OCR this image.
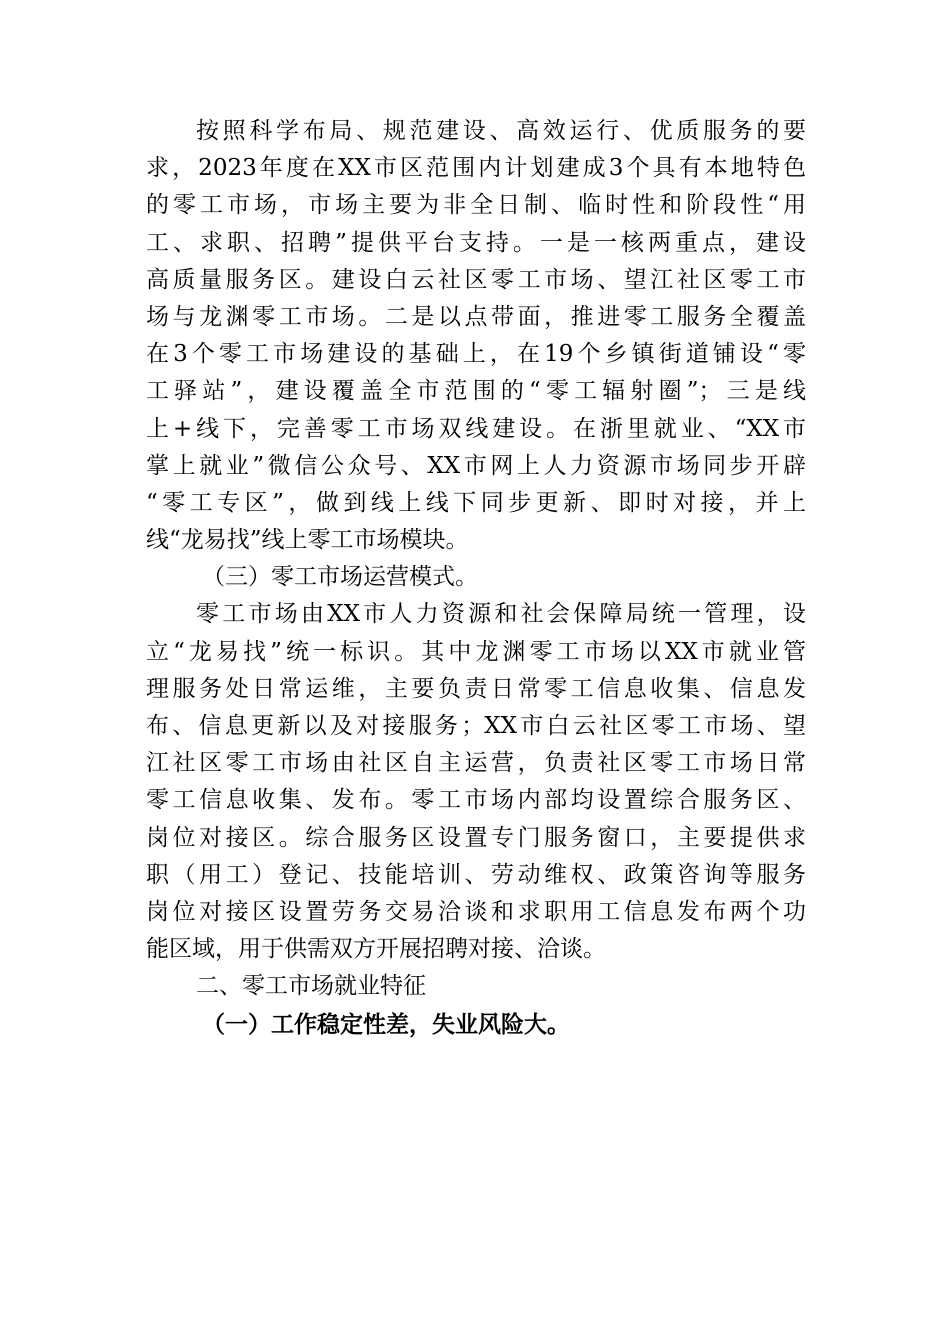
按照科学布局、规范建设、高效运行、优质服务的要
求，2023年度在XX市区范围内计划建成3个具有本地特色
的零工市场，市场主要为非全日制、临时性和阶段性“用
工、求职、招聘”提供平台支持。一是一核两重点，建设
高质量服务区。建设白云社区零工市场、望江社区零工市
场与龙渊零工市场。二是以点带面，推进零工服务全覆盖
在3个零工市场建设的基础上，在19个乡镇街道铺设“零
工驿站”，建设覆盖全市范围的“零工辐射圈”；三是线
上+线下，完善零工市场双线建设。在浙里就业、“XX市
掌上就业”微信公众号、XX市网上人力资源市场同步开辟
“零工专区”，做到线上线下同步更新、即时对接，并上
线“龙易找”线上零工市场模块。
（三）零工市场运营模式。
零工市场由XX市人力资源和社会保障局统一管理，设
立“龙易找”统一标识。其中龙渊零工市场以XX市就业管
理服务处日常运维，主要负责日常零工信息收集、信息发
布、信息更新以及对接服务；XX市白云社区零工市场、望
江社区零工市场由社区自主运营，负责社区零工市场日常
零工信息收集、发布。零工市场内部均设置综合服务区、
岗位对接区。综合服务区设置专门服务窗口，主要提供求
职（用工）登记、技能培训、劳动维权、政策咨询等服务
岗位对接区设置劳务交易洽谈和求职用工信息发布两个功
能区域，用于供需双方开展招聘对接、洽谈。
二、零工市场就业特征
（一）工作稳定性差，失业风险大。
